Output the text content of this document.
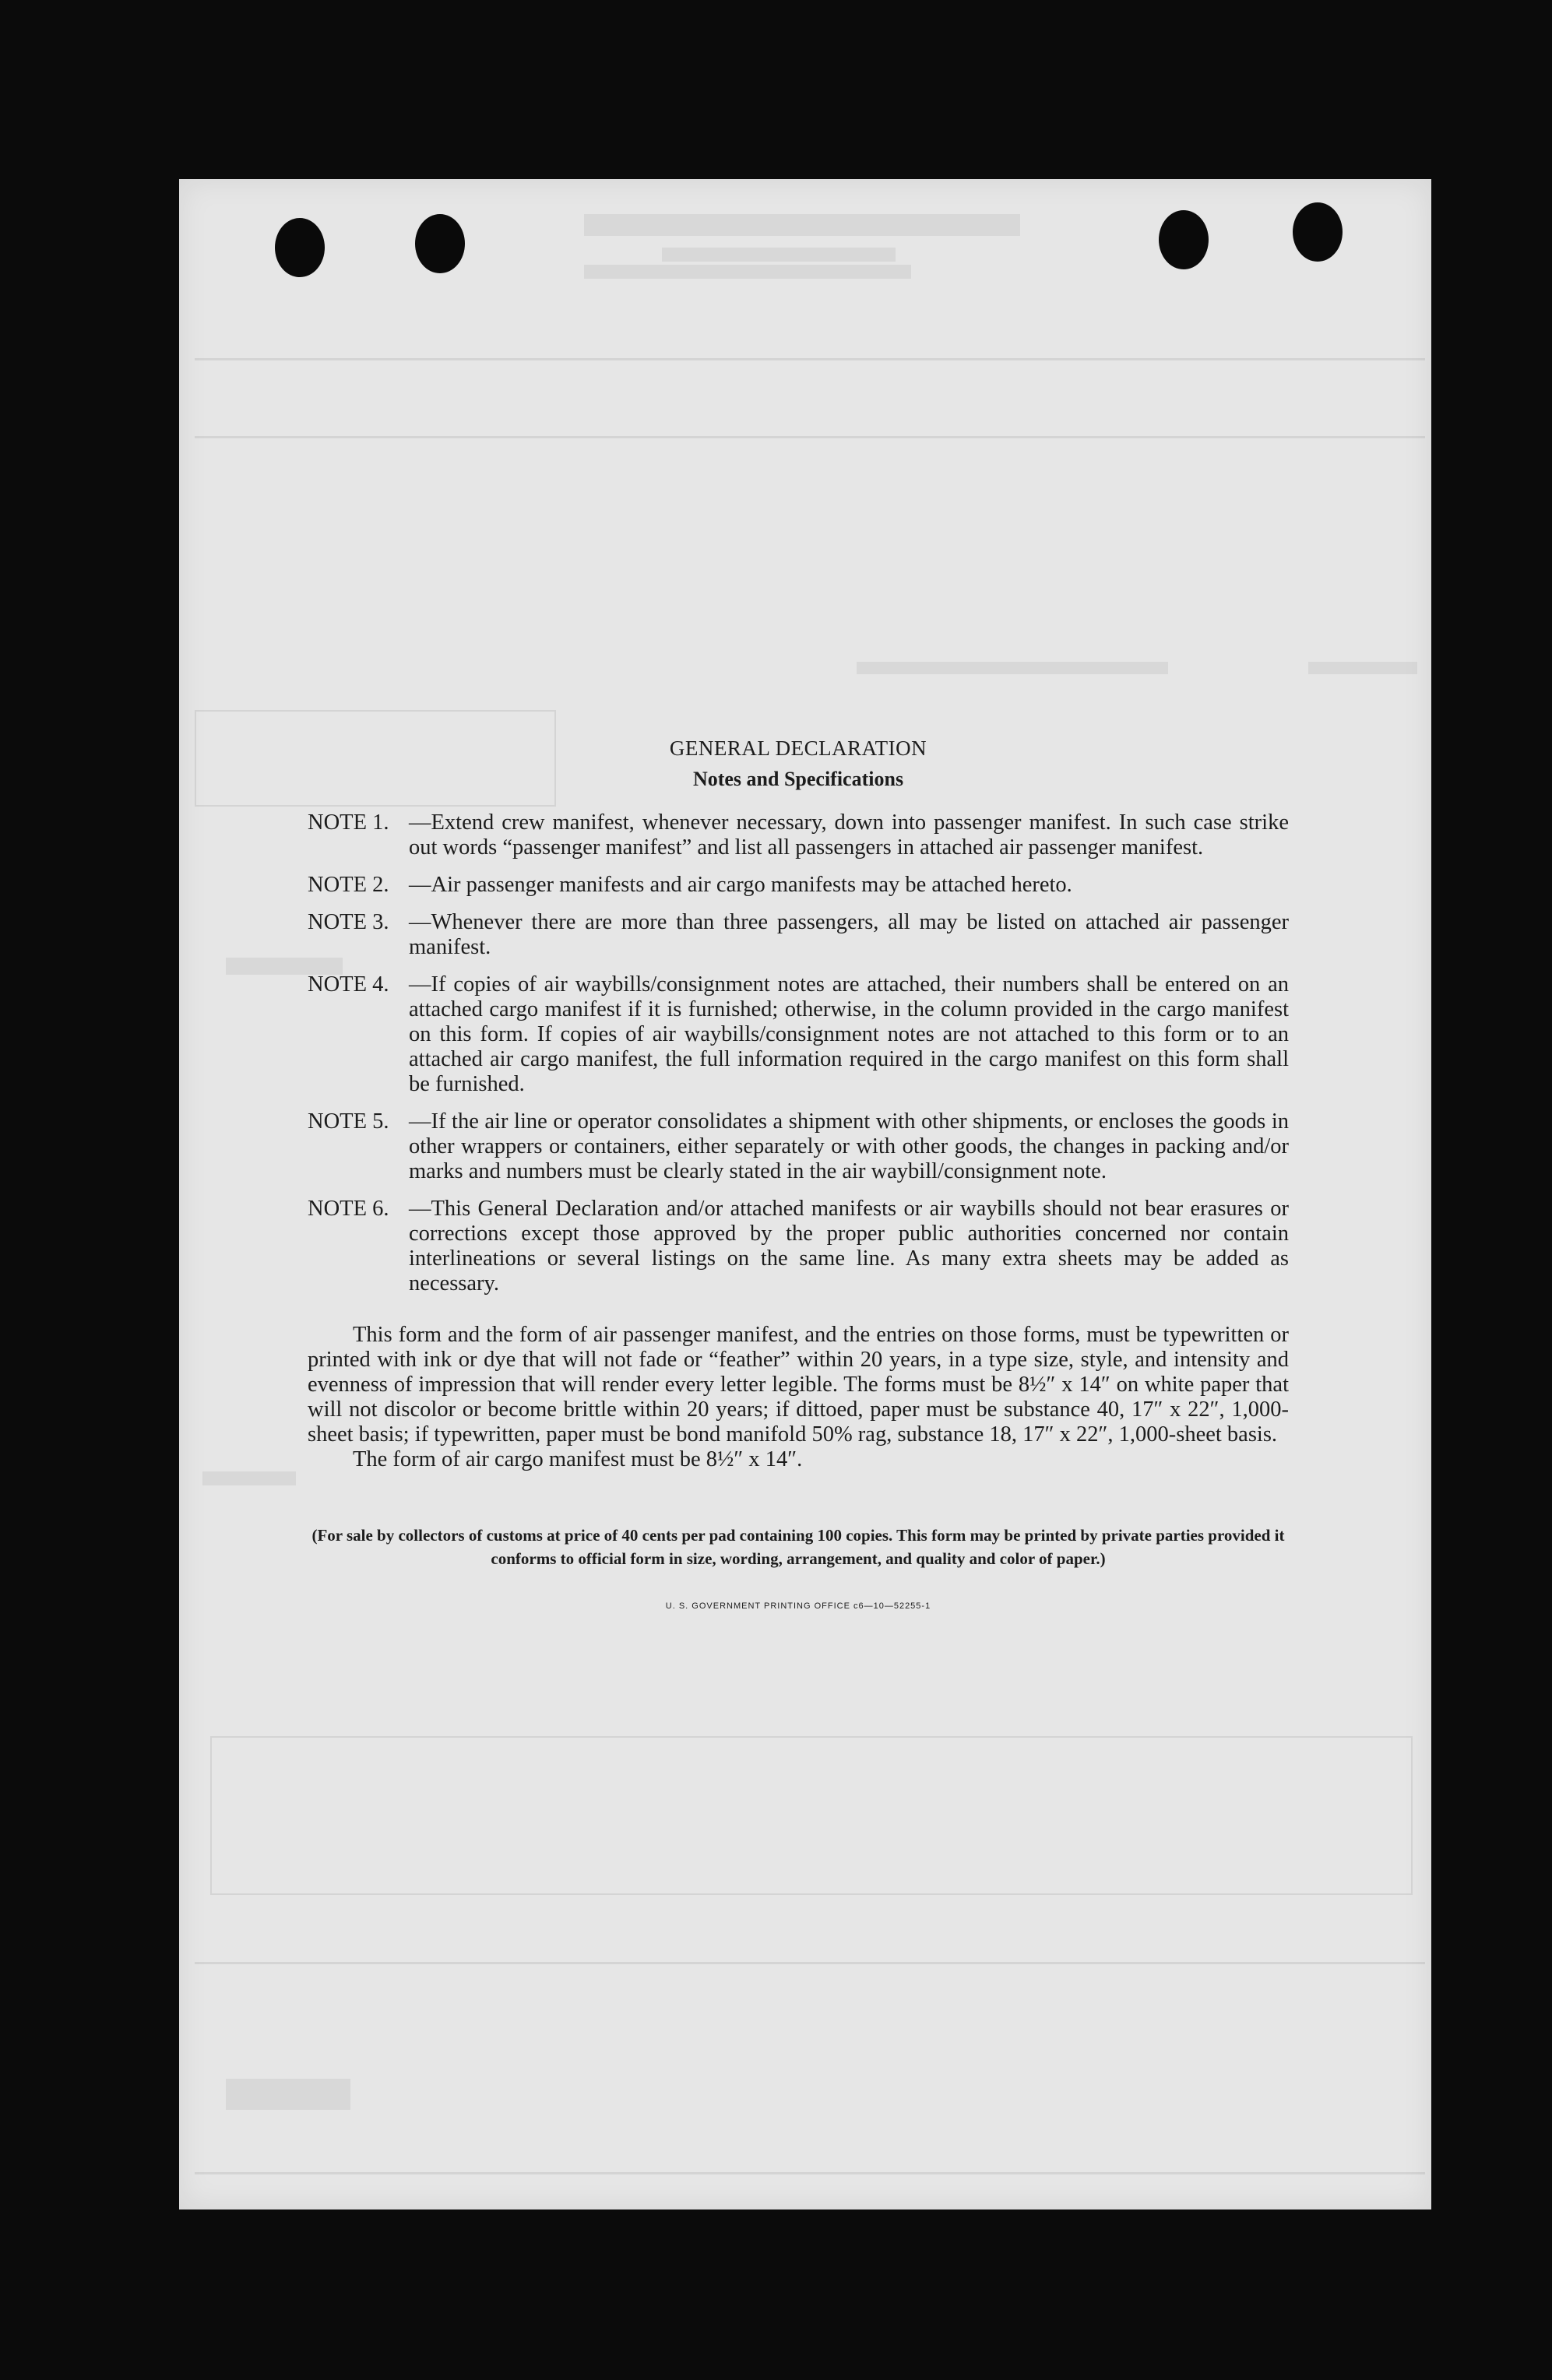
GENERAL DECLARATION
Notes and Specifications
NOTE 1. —Extend crew manifest, whenever necessary, down into passenger manifest. In such case strike out words “passenger manifest” and list all passengers in attached air passenger manifest.
NOTE 2. —Air passenger manifests and air cargo manifests may be attached hereto.
NOTE 3. —Whenever there are more than three passengers, all may be listed on attached air passenger manifest.
NOTE 4. —If copies of air waybills/consignment notes are attached, their numbers shall be entered on an attached cargo manifest if it is furnished; otherwise, in the column provided in the cargo manifest on this form. If copies of air waybills/consignment notes are not attached to this form or to an attached air cargo manifest, the full information required in the cargo manifest on this form shall be furnished.
NOTE 5. —If the air line or operator consolidates a shipment with other shipments, or encloses the goods in other wrappers or containers, either separately or with other goods, the changes in packing and/or marks and numbers must be clearly stated in the air waybill/consignment note.
NOTE 6. —This General Declaration and/or attached manifests or air waybills should not bear erasures or corrections except those approved by the proper public authorities concerned nor contain interlineations or several listings on the same line. As many extra sheets may be added as necessary.
This form and the form of air passenger manifest, and the entries on those forms, must be typewritten or printed with ink or dye that will not fade or “feather” within 20 years, in a type size, style, and intensity and evenness of impression that will render every letter legible. The forms must be 8½″ x 14″ on white paper that will not discolor or become brittle within 20 years; if dittoed, paper must be substance 40, 17″ x 22″, 1,000-sheet basis; if typewritten, paper must be bond manifold 50% rag, substance 18, 17″ x 22″, 1,000-sheet basis.
The form of air cargo manifest must be 8½″ x 14″.
(For sale by collectors of customs at price of 40 cents per pad containing 100 copies. This form may be printed by private parties provided it conforms to official form in size, wording, arrangement, and quality and color of paper.)
U. S. GOVERNMENT PRINTING OFFICE c6—10—52255-1
